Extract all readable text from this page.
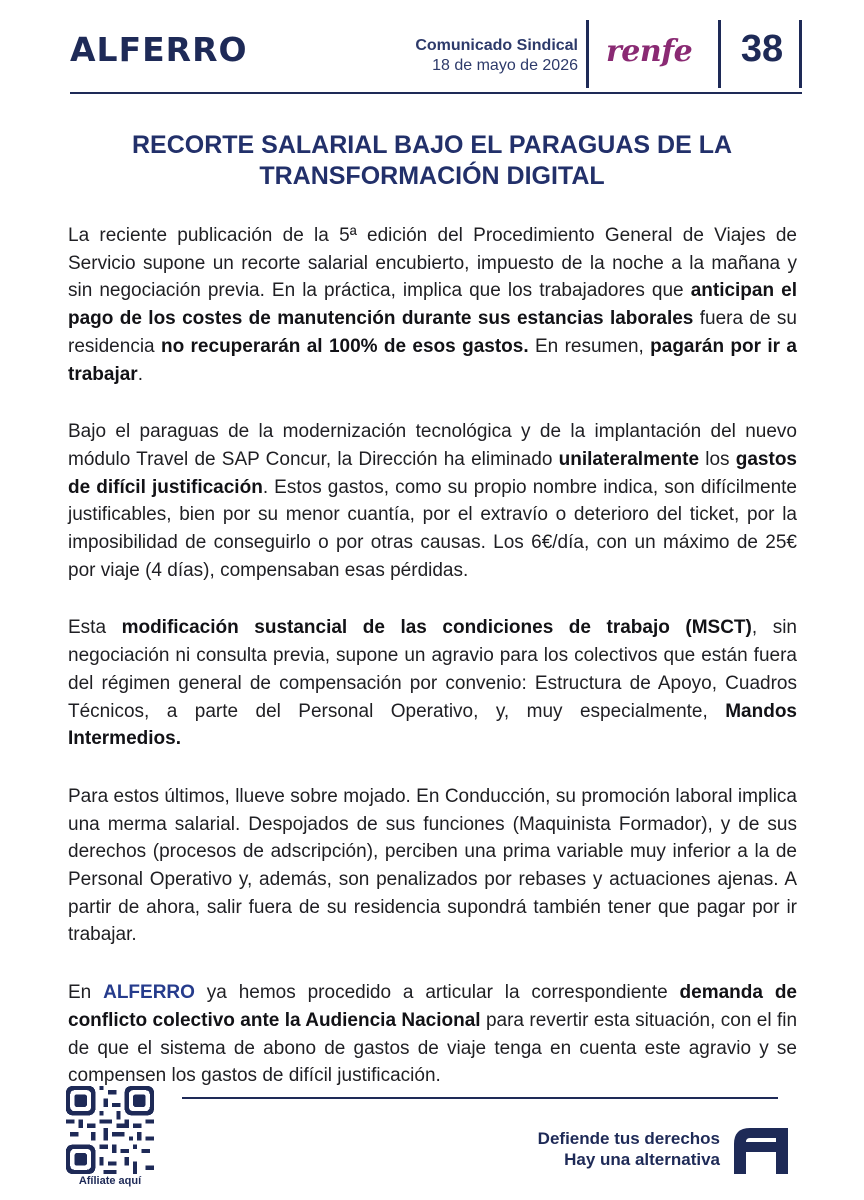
ALFERRO	Comunicado Sindical
18 de mayo de 2026 renfe	38
RECORTE SALARIAL BAJO EL PARAGUAS DE LA
TRANSFORMACIÓN DIGITAL

La reciente publicación de la 5ª edición del Procedimiento General de Viajes de Servicio supone un recorte salarial encubierto, impuesto de la noche a la mañana y sin negociación previa. En la práctica, implica que los trabajadores que anticipan el pago de los costes de manutención durante sus estancias laborales fuera de su residencia no recuperarán al 100% de esos gastos. En resumen, pagarán por ir a trabajar.

Bajo el paraguas de la modernización tecnológica y de la implantación del nuevo módulo Travel de SAP Concur, la Dirección ha eliminado unilateralmente los gastos de difícil justificación. Estos gastos, como su propio nombre indica, son difícilmente justificables, bien por su menor cuantía, por el extravío o deterioro del ticket, por la imposibilidad de conseguirlo o por otras causas. Los 6€/día, con un máximo de 25€ por viaje (4 días), compensaban esas pérdidas.

Esta modificación sustancial de las condiciones de trabajo (MSCT), sin negociación ni consulta previa, supone un agravio para los colectivos que están fuera del régimen general de compensación por convenio: Estructura de Apoyo, Cuadros Técnicos, a parte del Personal Operativo, y, muy especialmente, Mandos Intermedios.

Para estos últimos, llueve sobre mojado. En Conducción, su promoción laboral implica una merma salarial. Despojados de sus funciones (Maquinista Formador), y de sus derechos (procesos de adscripción), perciben una prima variable muy inferior a la de Personal Operativo y, además, son penalizados por rebases y actuaciones ajenas. A partir de ahora, salir fuera de su residencia supondrá también tener que pagar por ir trabajar.

En ALFERRO ya hemos procedido a articular la correspondiente demanda de conflicto colectivo ante la Audiencia Nacional para revertir esta situación, con el fin de que el sistema de abono de gastos de viaje tenga en cuenta este agravio y se compensen los gastos de difícil justificación.

Afíliate aquí
Defiende tus derechos
Hay una alternativa
